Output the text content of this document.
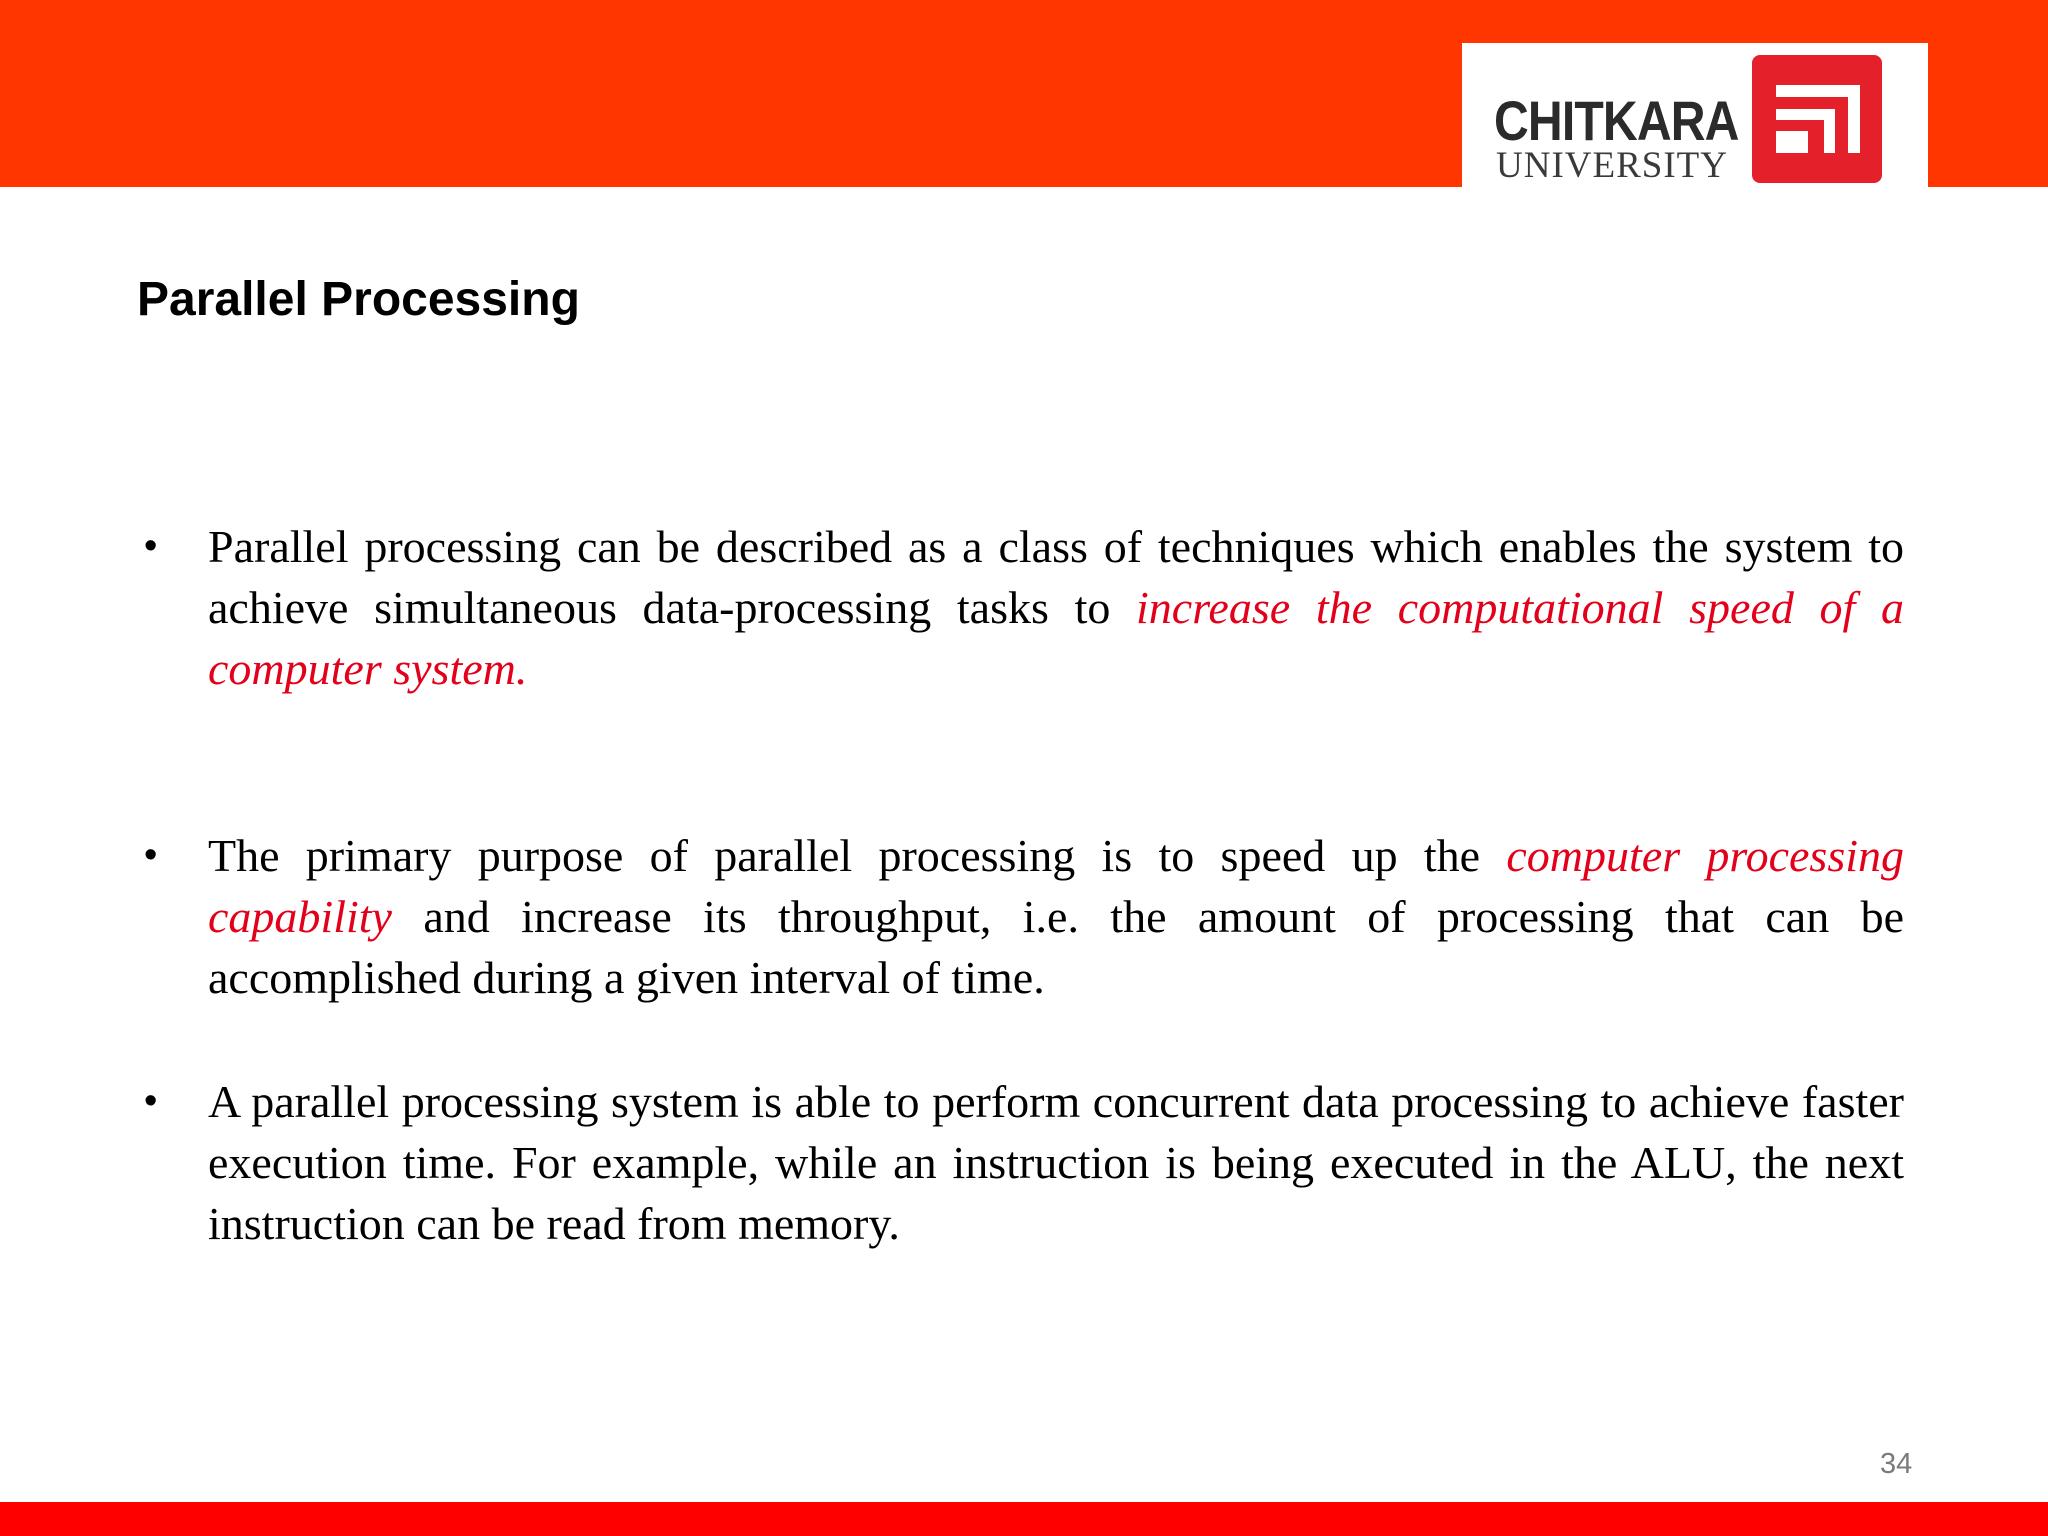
CHITKARA
UNIVERSITY
Parallel Processing
• Parallel processing can be described as a class of techniques which enables the system to achieve simultaneous data-processing tasks to increase the computational speed of a computer system.
• The primary purpose of parallel processing is to speed up the computer processing capability and increase its throughput, i.e. the amount of processing that can be accomplished during a given interval of time.
• A parallel processing system is able to perform concurrent data processing to achieve faster execution time. For example, while an instruction is being executed in the ALU, the next instruction can be read from memory.
34
